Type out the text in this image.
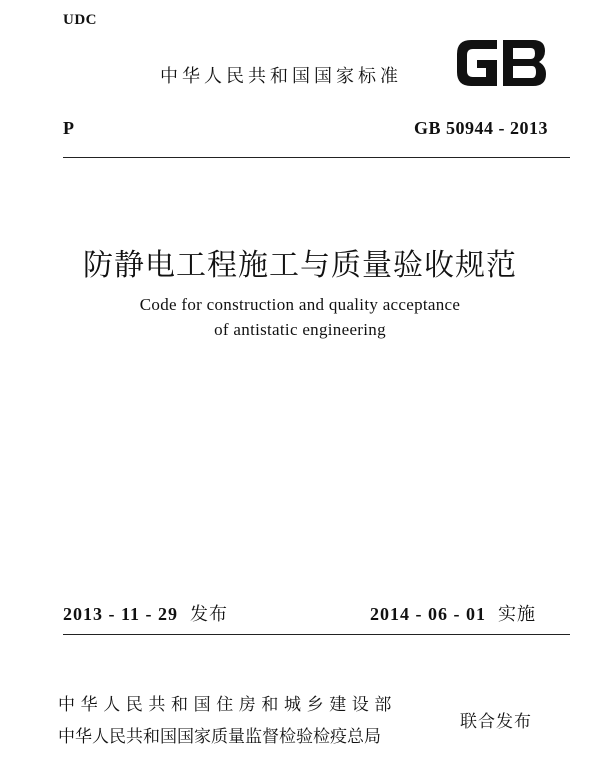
UDC
中华人民共和国国家标准
P	GB 50944 - 2013
防静电工程施工与质量验收规范
Code for construction and quality acceptance
of antistatic engineering
2013 - 11 - 29 发布	2014 - 06 - 01 实施
中华人民共和国住房和城乡建设部
中华人民共和国国家质量监督检验检疫总局
联合发布
